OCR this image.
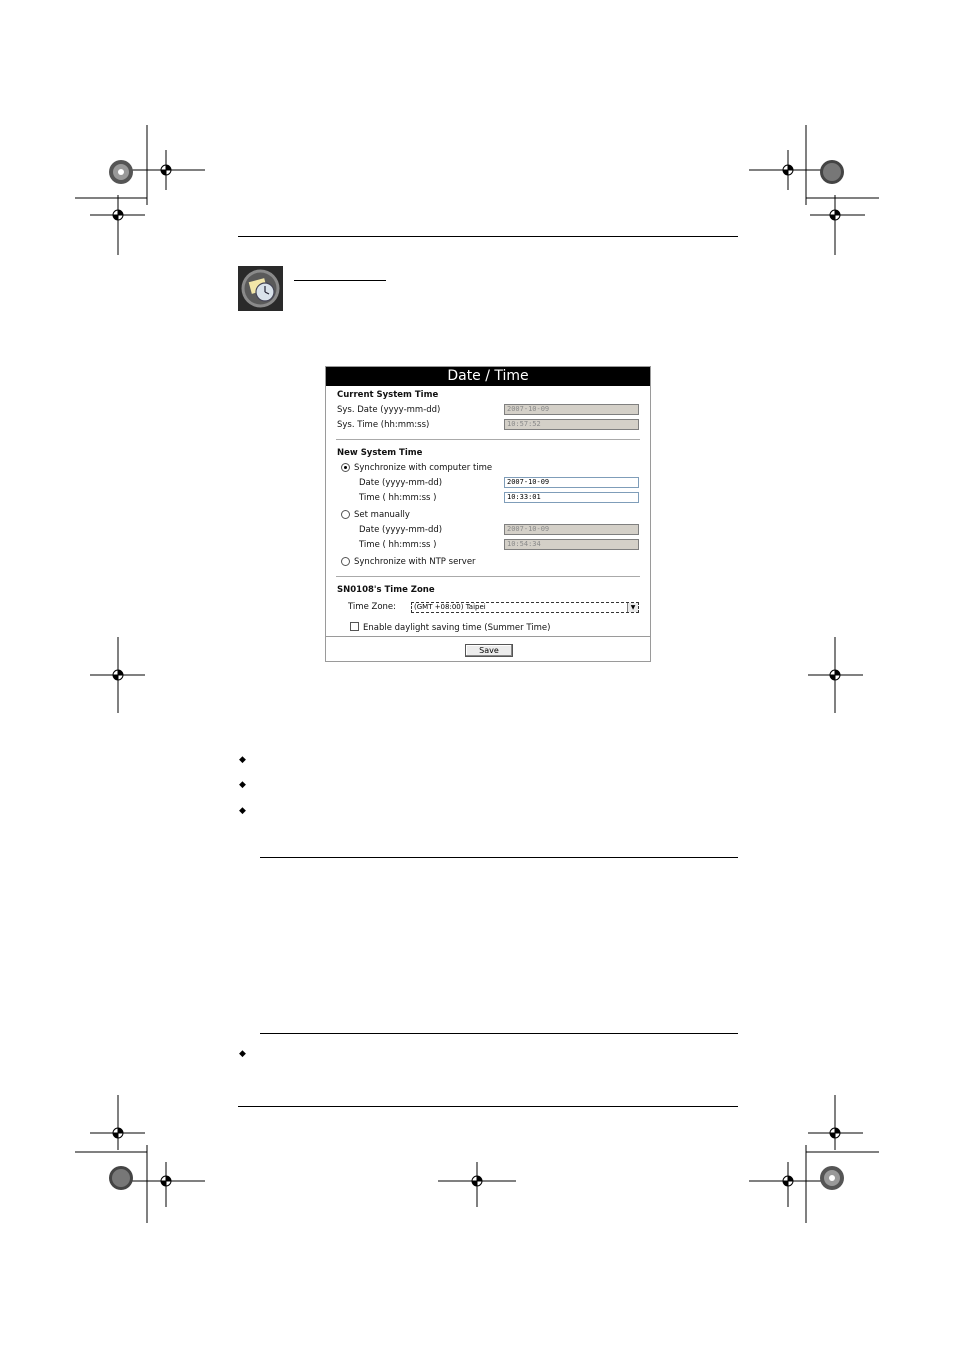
Date / Time
Current System Time
Sys. Date (yyyy-mm-dd)	2007-10-09
Sys. Time (hh:mm:ss)	10:57:52
New System Time
Synchronize with computer time
Date (yyyy-mm-dd)	2007-10-09
Time ( hh:mm:ss )	10:33:01
Set manually
Date (yyyy-mm-dd)	2007-10-09
Time ( hh:mm:ss )	10:54:34
Synchronize with NTP server
SN0108's Time Zone
Time Zone:	(GMT +08:00) Taipei	▼
Enable daylight saving time (Summer Time)
Save
◆
◆
◆
◆
